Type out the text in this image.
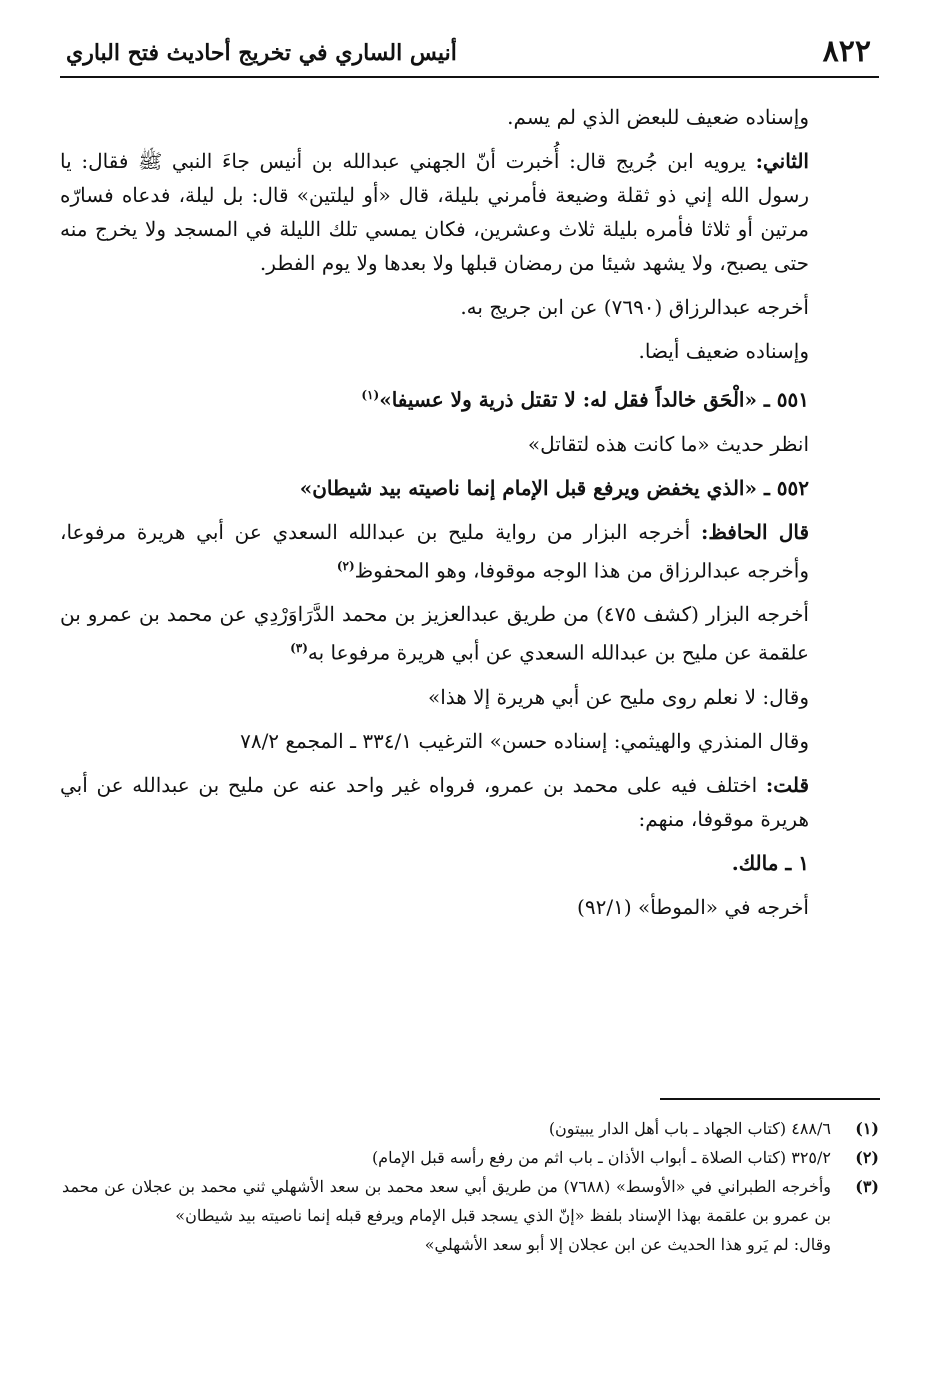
٨٢٢
أنيس الساري في تخريج أحاديث فتح الباري

وإسناده ضعيف للبعض الذي لم يسم.

الثاني: يرويه ابن جُريج قال: أُخبرت أنّ الجهني عبدالله بن أنيس جاءَ النبي ﷺ فقال: يا رسول الله إني ذو ثقلة وضيعة فأمرني بليلة، قال «أو ليلتين» قال: بل ليلة، فدعاه فسارّه مرتين أو ثلاثا فأمره بليلة ثلاث وعشرين، فكان يمسي تلك الليلة في المسجد ولا يخرج منه حتى يصبح، ولا يشهد شيئا من رمضان قبلها ولا بعدها ولا يوم الفطر.

أخرجه عبدالرزاق (٧٦٩٠) عن ابن جريج به.

وإسناده ضعيف أيضا.

٥٥١ ـ «الْحَق خالداً فقل له: لا تقتل ذرية ولا عسيفا»$^{(١)}$

انظر حديث «ما كانت هذه لتقاتل»

٥٥٢ ـ «الذي يخفض ويرفع قبل الإمام إنما ناصيته بيد شيطان»

قال الحافظ: أخرجه البزار من رواية مليح بن عبدالله السعدي عن أبي هريرة مرفوعا، وأخرجه عبدالرزاق من هذا الوجه موقوفا، وهو المحفوظ$^{(٢)}$

أخرجه البزار (كشف ٤٧٥) من طريق عبدالعزيز بن محمد الدَّرَاوَرْدِي عن محمد بن عمرو بن علقمة عن مليح بن عبدالله السعدي عن أبي هريرة مرفوعا به$^{(٣)}$

وقال: لا نعلم روى مليح عن أبي هريرة إلا هذا»

وقال المنذري والهيثمي: إسناده حسن» الترغيب ٣٣٤/١ ـ المجمع ٧٨/٢

قلت: اختلف فيه على محمد بن عمرو، فرواه غير واحد عنه عن مليح بن عبدالله عن أبي هريرة موقوفا، منهم:

١ ـ مالك.

أخرجه في «الموطأ» (٩٢/١)

(١)
٤٨٨/٦ (كتاب الجهاد ـ باب أهل الدار يبيتون)
(٢)
٣٢٥/٢ (كتاب الصلاة ـ أبواب الأذان ـ باب اثم من رفع رأسه قبل الإمام)
(٣)
وأخرجه الطبراني في «الأوسط» (٧٦٨٨) من طريق أبي سعد محمد بن سعد الأشهلي ثني محمد بن عجلان عن محمد بن عمرو بن علقمة بهذا الإسناد بلفظ «إنّ الذي يسجد قبل الإمام ويرفع قبله إنما ناصيته بيد شيطان»
وقال: لم يَرو هذا الحديث عن ابن عجلان إلا أبو سعد الأشهلي»
